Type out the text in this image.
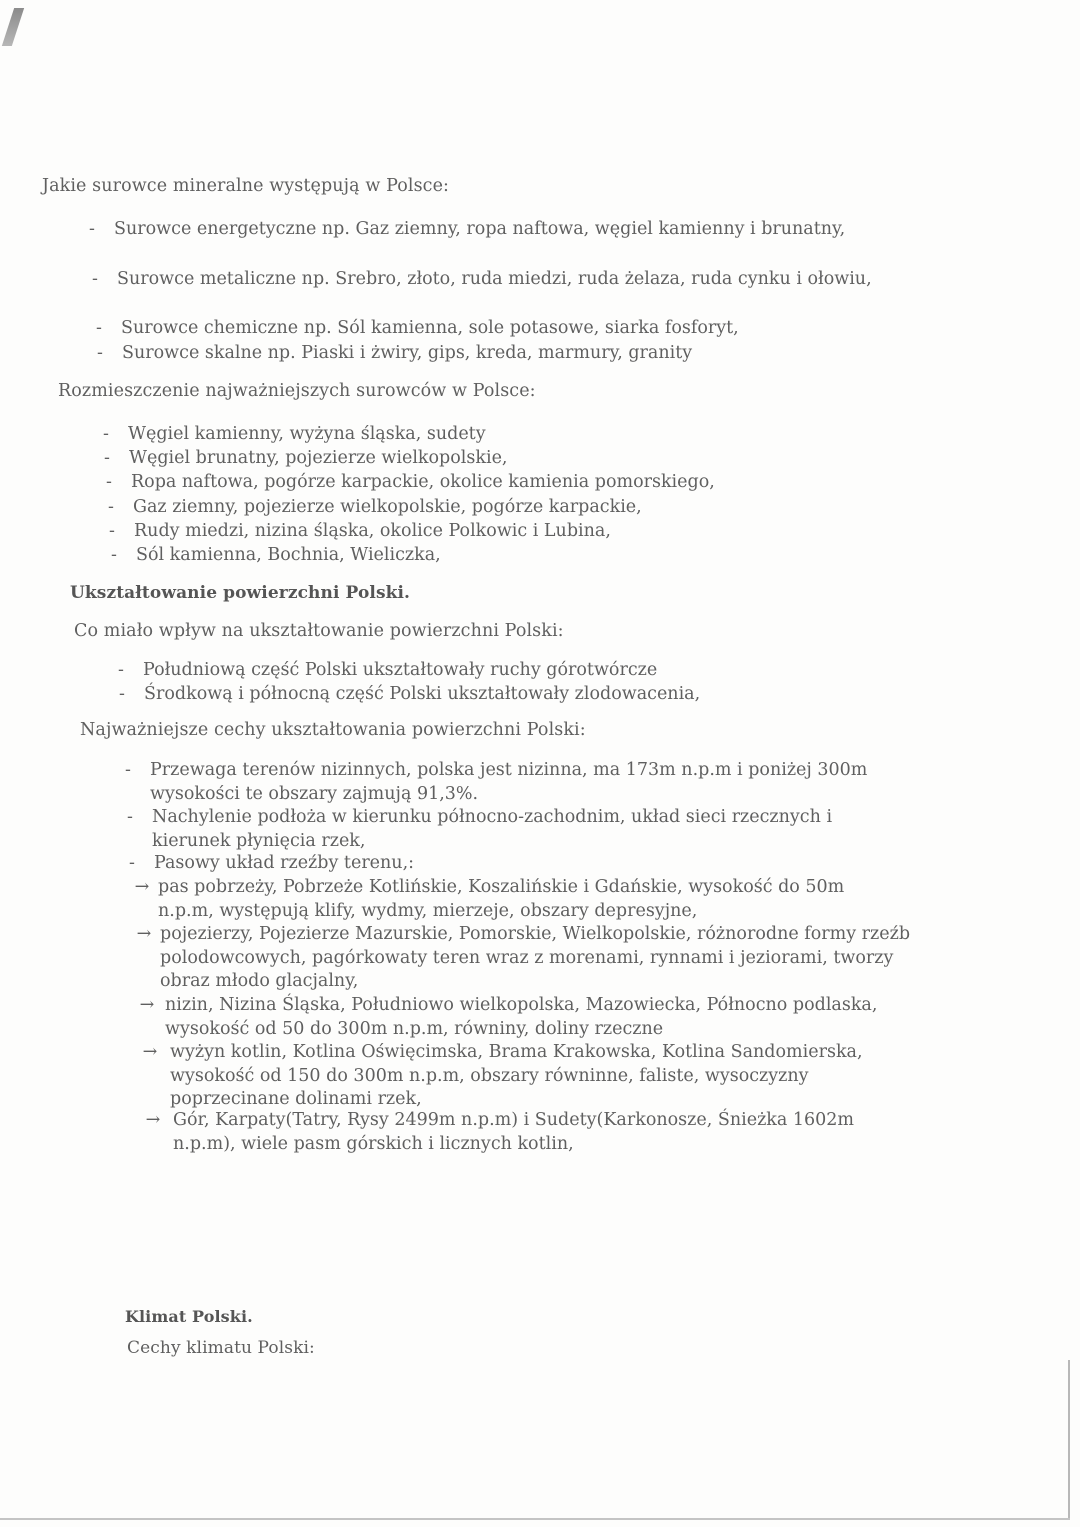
Jakie surowce mineralne występują w Polsce:
-	Surowce energetyczne np. Gaz ziemny, ropa naftowa, węgiel kamienny i brunatny,
-	Surowce metaliczne np. Srebro, złoto, ruda miedzi, ruda żelaza, ruda cynku i ołowiu,
-	Surowce chemiczne np. Sól kamienna, sole potasowe, siarka fosforyt,
-	Surowce skalne np. Piaski i żwiry, gips, kreda, marmury, granity
Rozmieszczenie najważniejszych surowców w Polsce:
-	Węgiel kamienny, wyżyna śląska, sudety
-	Węgiel brunatny, pojezierze wielkopolskie,
-	Ropa naftowa, pogórze karpackie, okolice kamienia pomorskiego,
-	Gaz ziemny, pojezierze wielkopolskie, pogórze karpackie,
-	Rudy miedzi, nizina śląska, okolice Polkowic i Lubina,
-	Sól kamienna, Bochnia, Wieliczka,
Ukształtowanie powierzchni Polski.
Co miało wpływ na ukształtowanie powierzchni Polski:
-	Południową część Polski ukształtowały ruchy górotwórcze
-	Środkową i północną część Polski ukształtowały zlodowacenia,
Najważniejsze cechy ukształtowania powierzchni Polski:
-	Przewaga terenów nizinnych, polska jest nizinna, ma 173m n.p.m i poniżej 300m wysokości te obszary zajmują 91,3%.
-	Nachylenie podłoża w kierunku północno-zachodnim, układ sieci rzecznych i kierunek płynięcia rzek,
-	Pasowy układ rzeźby terenu,:
→ pas pobrzeży, Pobrzeże Kotlińskie, Koszalińskie i Gdańskie, wysokość do 50m n.p.m, występują klify, wydmy, mierzeje, obszary depresyjne,
→ pojezierzy, Pojezierze Mazurskie, Pomorskie, Wielkopolskie, różnorodne formy rzeźb polodowcowych, pagórkowaty teren wraz z morenami, rynnami i jeziorami, tworzy obraz młodo glacjalny,
→ nizin, Nizina Śląska, Południowo wielkopolska, Mazowiecka, Północno podlaska, wysokość od 50 do 300m n.p.m, równiny, doliny rzeczne
→ wyżyn kotlin, Kotlina Oświęcimska, Brama Krakowska, Kotlina Sandomierska, wysokość od 150 do 300m n.p.m, obszary równinne, faliste, wysoczyzny poprzecinane dolinami rzek,
→ Gór, Karpaty(Tatry, Rysy 2499m n.p.m) i Sudety(Karkonosze, Śnieżka 1602m n.p.m), wiele pasm górskich i licznych kotlin,
Klimat Polski.
Cechy klimatu Polski:
